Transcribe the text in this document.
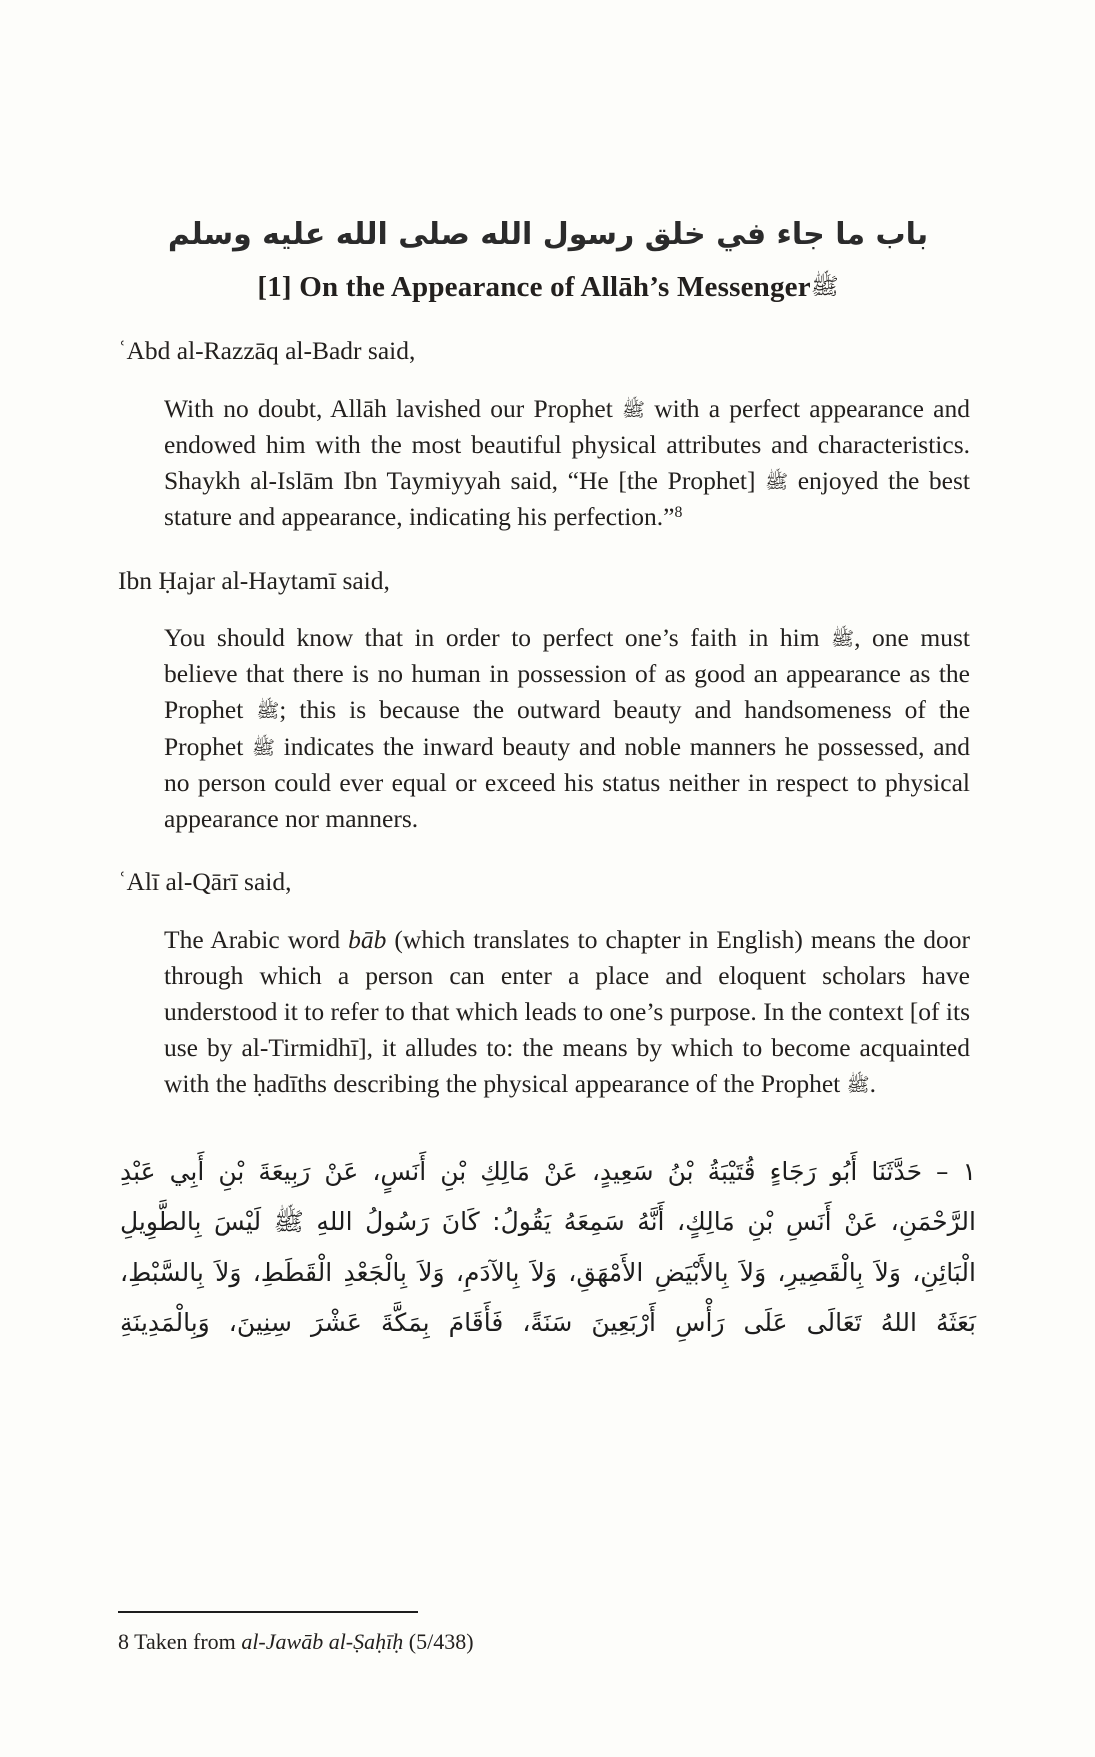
باب ما جاء في خلق رسول الله صلى الله عليه وسلم
[1] On the Appearance of Allāh’s Messengerﷺ
ʿAbd al-Razzāq al-Badr said,
With no doubt, Allāh lavished our Prophet ﷺ with a perfect appearance and endowed him with the most beautiful physical attributes and characteristics. Shaykh al-Islām Ibn Taymiyyah said, “He [the Prophet] ﷺ enjoyed the best stature and appearance, indicating his perfection.”$^8$
Ibn Ḥajar al-Haytamī said,
You should know that in order to perfect one’s faith in him ﷺ, one must believe that there is no human in possession of as good an appearance as the Prophet ﷺ; this is because the outward beauty and handsomeness of the Prophet ﷺ indicates the inward beauty and noble manners he possessed, and no person could ever equal or exceed his status neither in respect to physical appearance nor manners.
ʿAlī al-Qārī said,
The Arabic word bāb (which translates to chapter in English) means the door through which a person can enter a place and eloquent scholars have understood it to refer to that which leads to one’s purpose. In the context [of its use by al-Tirmidhī], it alludes to: the means by which to become acquainted with the ḥadīths describing the physical appearance of the Prophet ﷺ.
١ – حَدَّثَنَا أَبُو رَجَاءٍ قُتَيْبَةُ بْنُ سَعِيدٍ، عَنْ مَالِكِ بْنِ أَنَسٍ، عَنْ رَبِيعَةَ بْنِ أَبِي عَبْدِ الرَّحْمَنِ، عَنْ أَنَسِ بْنِ مَالِكٍ، أَنَّهُ سَمِعَهُ يَقُولُ: كَانَ رَسُولُ اللهِ ﷺ لَيْسَ بِالطَّوِيلِ الْبَائِنِ، وَلاَ بِالْقَصِيرِ، وَلاَ بِالأَبْيَضِ الأَمْهَقِ، وَلاَ بِالآدَمِ، وَلاَ بِالْجَعْدِ الْقَطَطِ، وَلاَ بِالسَّبْطِ، بَعَثَهُ اللهُ تَعَالَى عَلَى رَأْسِ أَرْبَعِينَ سَنَةً، فَأَقَامَ بِمَكَّةَ عَشْرَ سِنِينَ، وَبِالْمَدِينَةِ
8 Taken from al-Jawāb al-Ṣaḥīḥ (5/438)
